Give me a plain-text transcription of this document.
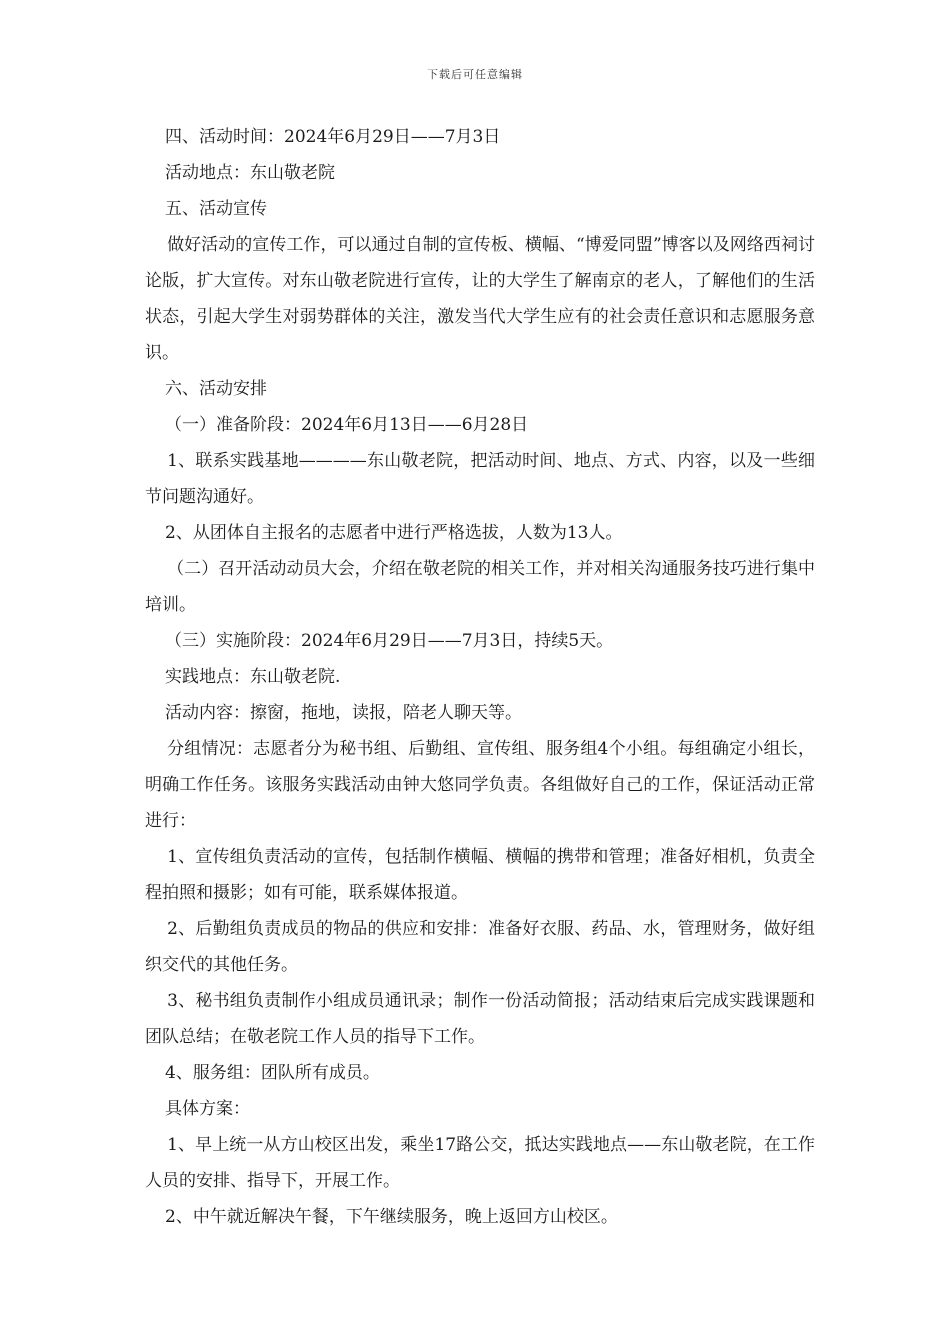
下载后可任意编辑
四、活动时间：2024年6月29日——7月3日
活动地点：东山敬老院
五、活动宣传

做好活动的宣传工作，可以通过自制的宣传板、横幅、“博爱同盟”博客以及网络西祠讨论版，扩大宣传。对东山敬老院进行宣传，让的大学生了解南京的老人，了解他们的生活状态，引起大学生对弱势群体的关注，激发当代大学生应有的社会责任意识和志愿服务意识。

六、活动安排
（一）准备阶段：2024年6月13日——6月28日

1、联系实践基地————东山敬老院，把活动时间、地点、方式、内容，以及一些细节问题沟通好。

2、从团体自主报名的志愿者中进行严格选拔，人数为13人。

（二）召开活动动员大会，介绍在敬老院的相关工作，并对相关沟通服务技巧进行集中培训。

（三）实施阶段：2024年6月29日——7月3日，持续5天。
实践地点：东山敬老院.
活动内容：擦窗，拖地，读报，陪老人聊天等。

分组情况：志愿者分为秘书组、后勤组、宣传组、服务组4个小组。每组确定小组长，明确工作任务。该服务实践活动由钟大悠同学负责。各组做好自己的工作，保证活动正常进行：

1、宣传组负责活动的宣传，包括制作横幅、横幅的携带和管理；准备好相机，负责全程拍照和摄影；如有可能，联系媒体报道。

2、后勤组负责成员的物品的供应和安排：准备好衣服、药品、水，管理财务，做好组织交代的其他任务。

3、秘书组负责制作小组成员通讯录；制作一份活动简报；活动结束后完成实践课题和团队总结；在敬老院工作人员的指导下工作。

4、服务组：团队所有成员。
具体方案：

1、早上统一从方山校区出发，乘坐17路公交，抵达实践地点——东山敬老院，在工作人员的安排、指导下，开展工作。

2、中午就近解决午餐，下午继续服务，晚上返回方山校区。
